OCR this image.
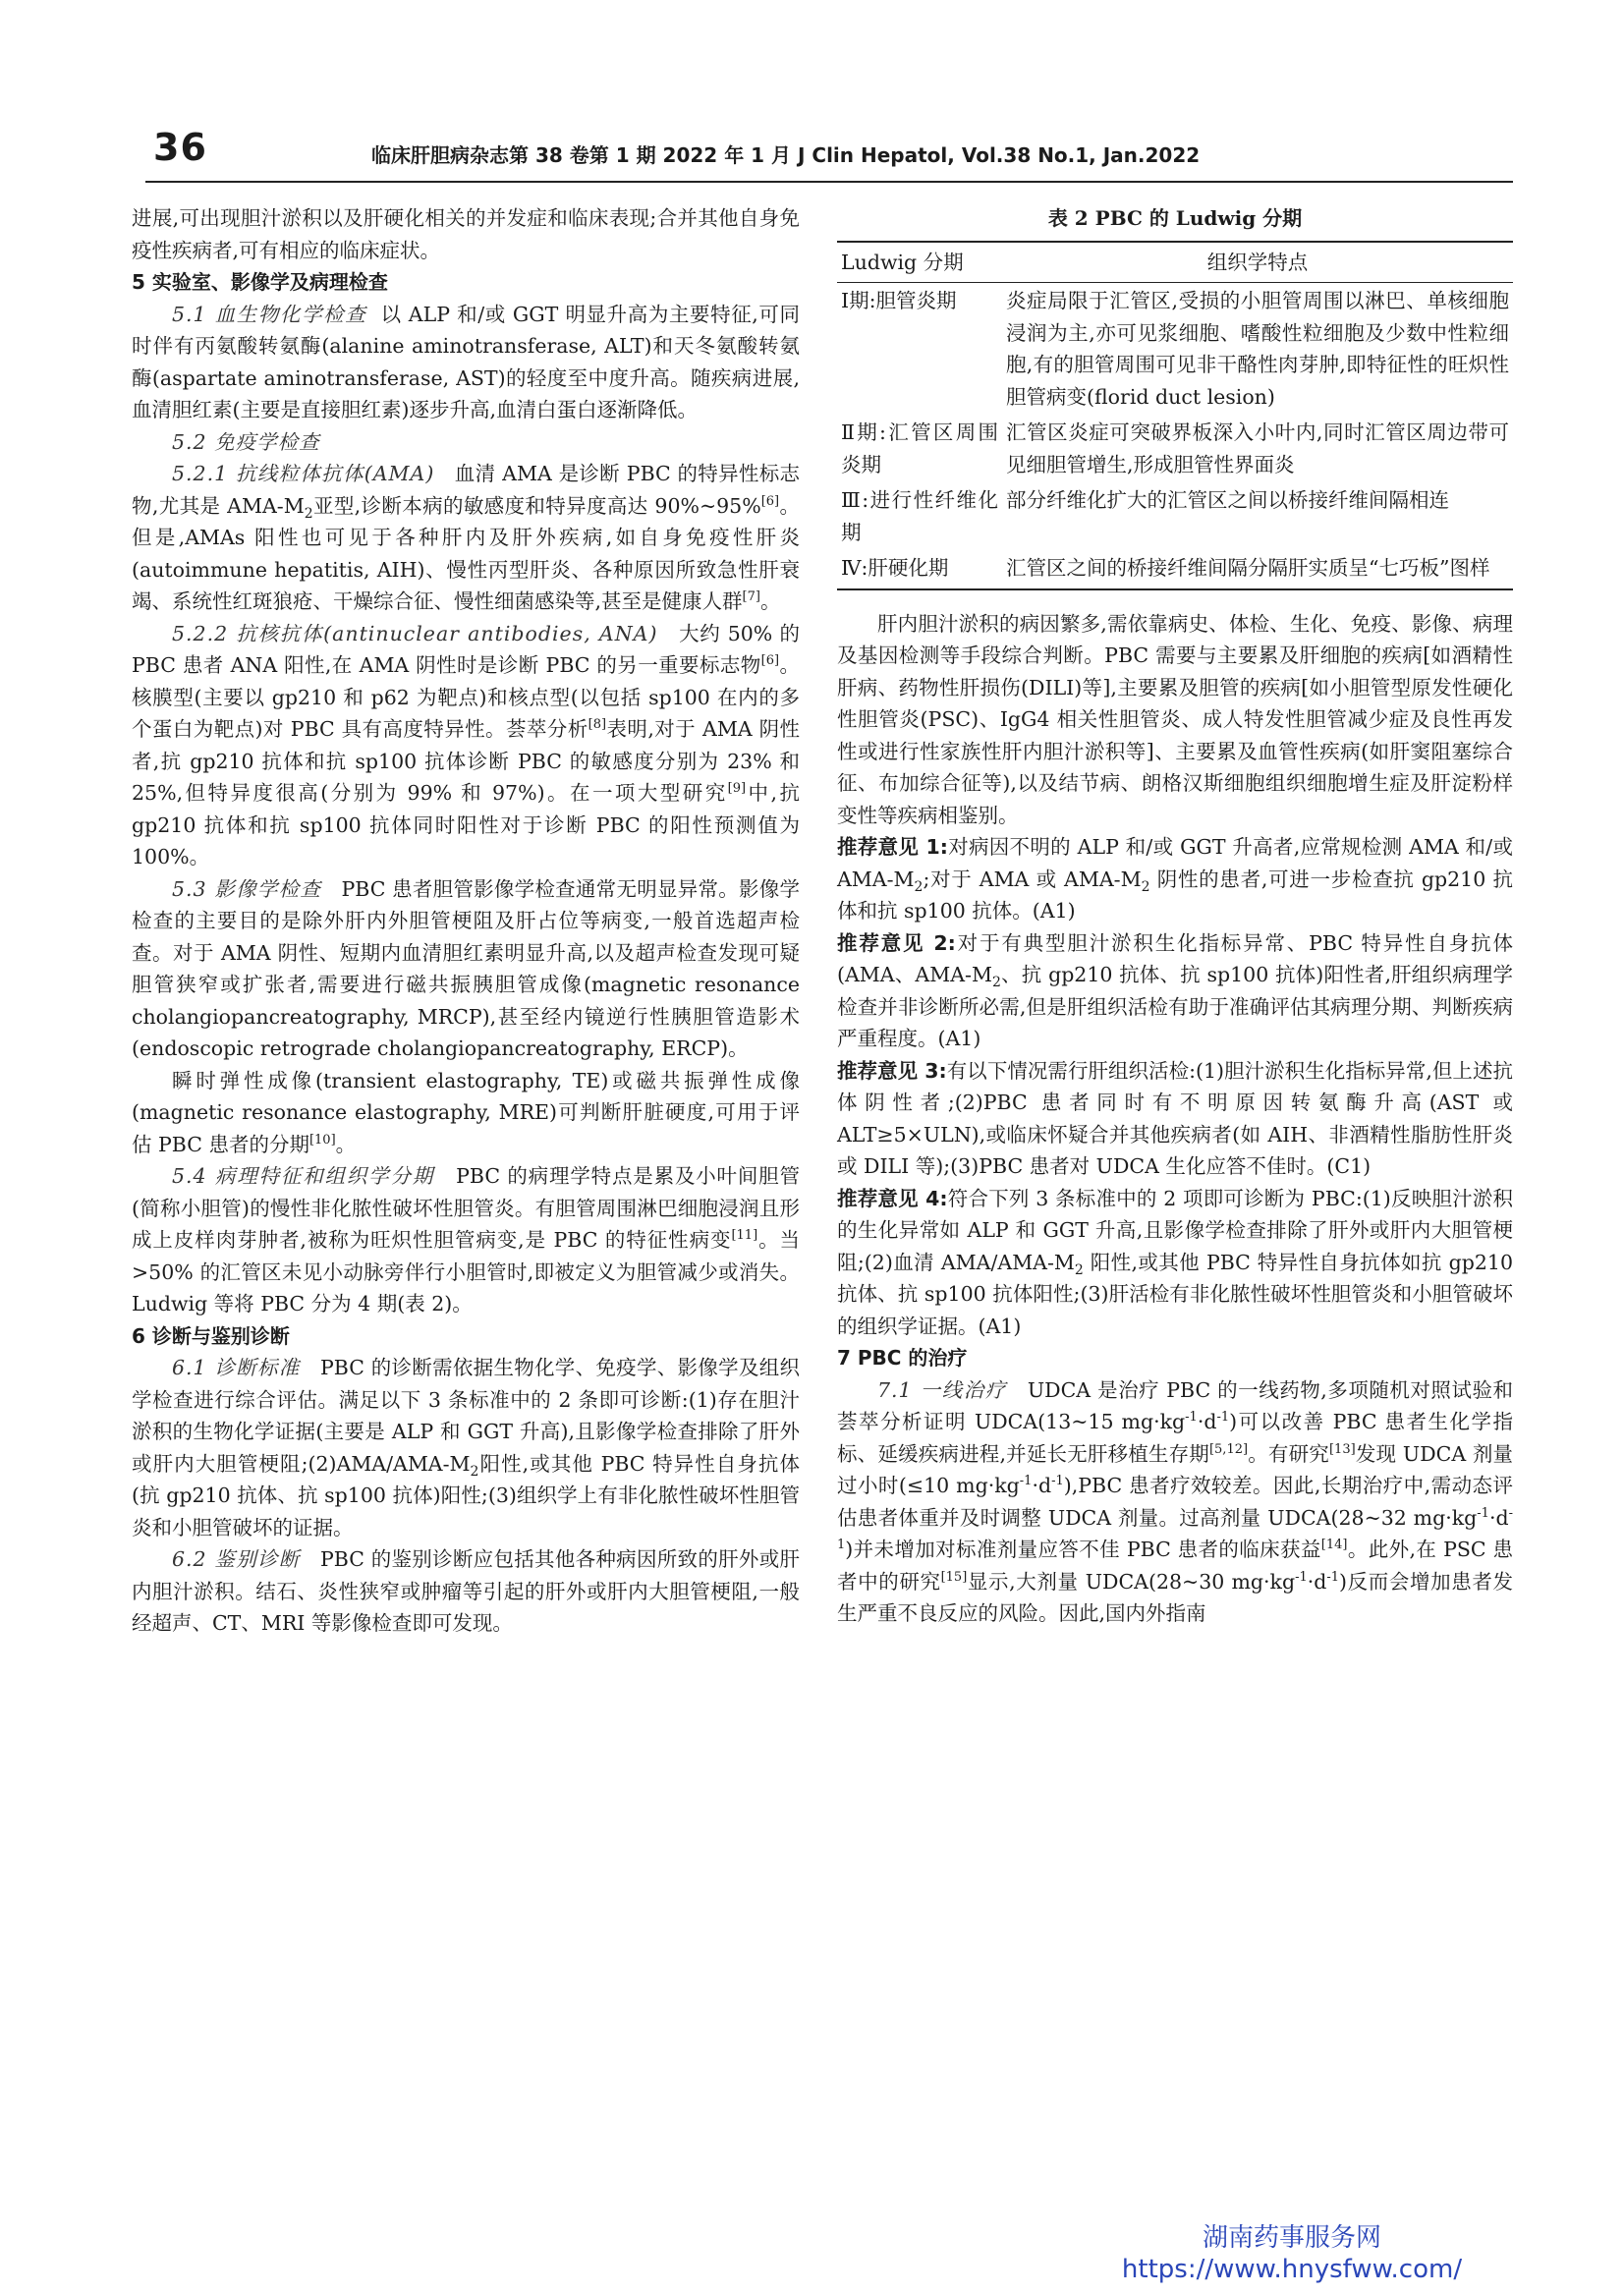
36	临床肝胆病杂志第 38 卷第 1 期 2022 年 1 月 J Clin Hepatol, Vol.38 No.1, Jan.2022

进展,可出现胆汁淤积以及肝硬化相关的并发症和临床表现;合并其他自身免疫性疾病者,可有相应的临床症状。

5 实验室、影像学及病理检查

5.1 血生物化学检查 以 ALP 和/或 GGT 明显升高为主要特征,可同时伴有丙氨酸转氨酶(alanine aminotransferase, ALT)和天冬氨酸转氨酶(aspartate aminotransferase, AST)的轻度至中度升高。随疾病进展,血清胆红素(主要是直接胆红素)逐步升高,血清白蛋白逐渐降低。

5.2 免疫学检查

5.2.1 抗线粒体抗体(AMA) 血清 AMA 是诊断 PBC 的特异性标志物,尤其是 AMA-$M_2$亚型,诊断本病的敏感度和特异度高达 90%~95%[6]。但是,AMAs 阳性也可见于各种肝内及肝外疾病,如自身免疫性肝炎(autoimmune hepatitis, AIH)、慢性丙型肝炎、各种原因所致急性肝衰竭、系统性红斑狼疮、干燥综合征、慢性细菌感染等,甚至是健康人群[7]。

5.2.2 抗核抗体(antinuclear antibodies, ANA) 大约 50% 的 PBC 患者 ANA 阳性,在 AMA 阴性时是诊断 PBC 的另一重要标志物[6]。核膜型(主要以 gp210 和 p62 为靶点)和核点型(以包括 sp100 在内的多个蛋白为靶点)对 PBC 具有高度特异性。荟萃分析[8]表明,对于 AMA 阴性者,抗 gp210 抗体和抗 sp100 抗体诊断 PBC 的敏感度分别为 23% 和 25%,但特异度很高(分别为 99% 和 97%)。在一项大型研究[9]中,抗 gp210 抗体和抗 sp100 抗体同时阳性对于诊断 PBC 的阳性预测值为 100%。

5.3 影像学检查 PBC 患者胆管影像学检查通常无明显异常。影像学检查的主要目的是除外肝内外胆管梗阻及肝占位等病变,一般首选超声检查。对于 AMA 阴性、短期内血清胆红素明显升高,以及超声检查发现可疑胆管狭窄或扩张者,需要进行磁共振胰胆管成像(magnetic resonance cholangiopancreatography, MRCP),甚至经内镜逆行性胰胆管造影术(endoscopic retrograde cholangiopancreatography, ERCP)。

瞬时弹性成像(transient elastography, TE)或磁共振弹性成像(magnetic resonance elastography, MRE)可判断肝脏硬度,可用于评估 PBC 患者的分期[10]。

5.4 病理特征和组织学分期 PBC 的病理学特点是累及小叶间胆管(简称小胆管)的慢性非化脓性破坏性胆管炎。有胆管周围淋巴细胞浸润且形成上皮样肉芽肿者,被称为旺炽性胆管病变,是 PBC 的特征性病变[11]。当>50% 的汇管区未见小动脉旁伴行小胆管时,即被定义为胆管减少或消失。Ludwig 等将 PBC 分为 4 期(表 2)。

6 诊断与鉴别诊断

6.1 诊断标准 PBC 的诊断需依据生物化学、免疫学、影像学及组织学检查进行综合评估。满足以下 3 条标准中的 2 条即可诊断:(1)存在胆汁淤积的生物化学证据(主要是 ALP 和 GGT 升高),且影像学检查排除了肝外或肝内大胆管梗阻$;(2)AMA/AMA-M_2$阳性,或其他 PBC 特异性自身抗体(抗 gp210 抗体、抗 sp100 抗体)阳性;(3)组织学上有非化脓性破坏性胆管炎和小胆管破坏的证据。

6.2 鉴别诊断 PBC 的鉴别诊断应包括其他各种病因所致的肝外或肝内胆汁淤积。结石、炎性狭窄或肿瘤等引起的肝外或肝内大胆管梗阻,一般经超声、CT、MRI 等影像检查即可发现。

表 2 PBC 的 Ludwig 分期
Ludwig 分期	组织学特点
Ⅰ期:胆管炎期	炎症局限于汇管区,受损的小胆管周围以淋巴、单核细胞浸润为主,亦可见浆细胞、嗜酸性粒细胞及少数中性粒细胞,有的胆管周围可见非干酪性肉芽肿,即特征性的旺炽性胆管病变(florid duct lesion)
Ⅱ期:汇管区周围炎期	汇管区炎症可突破界板深入小叶内,同时汇管区周边带可见细胆管增生,形成胆管性界面炎
Ⅲ:进行性纤维化期	部分纤维化扩大的汇管区之间以桥接纤维间隔相连
Ⅳ:肝硬化期	汇管区之间的桥接纤维间隔分隔肝实质呈“七巧板”图样

肝内胆汁淤积的病因繁多,需依靠病史、体检、生化、免疫、影像、病理及基因检测等手段综合判断。PBC 需要与主要累及肝细胞的疾病[如酒精性肝病、药物性肝损伤(DILI)等],主要累及胆管的疾病[如小胆管型原发性硬化性胆管炎(PSC)、IgG4 相关性胆管炎、成人特发性胆管减少症及良性再发性或进行性家族性肝内胆汁淤积等]、主要累及血管性疾病(如肝窦阻塞综合征、布加综合征等),以及结节病、朗格汉斯细胞组织细胞增生症及肝淀粉样变性等疾病相鉴别。

推荐意见 1:对病因不明的 ALP 和/或 GGT 升高者,应常规检测 AMA 和/或 AMA-$M_2$;对于 AMA 或 AMA-$M_2$ 阴性的患者,可进一步检查抗 gp210 抗体和抗 sp100 抗体。(A1)

推荐意见 2:对于有典型胆汁淤积生化指标异常、PBC 特异性自身抗体(AMA、AMA-$M_2$、抗 gp210 抗体、抗 sp100 抗体)阳性者,肝组织病理学检查并非诊断所必需,但是肝组织活检有助于准确评估其病理分期、判断疾病严重程度。(A1)

推荐意见 3:有以下情况需行肝组织活检:(1)胆汁淤积生化指标异常,但上述抗体阴性者;(2)PBC 患者同时有不明原因转氨酶升高(AST 或 ALT≥5×ULN),或临床怀疑合并其他疾病者(如 AIH、非酒精性脂肪性肝炎或 DILI 等);(3)PBC 患者对 UDCA 生化应答不佳时。(C1)

推荐意见 4:符合下列 3 条标准中的 2 项即可诊断为 PBC:(1)反映胆汁淤积的生化异常如 ALP 和 GGT 升高,且影像学检查排除了肝外或肝内大胆管梗阻;(2)血清 AMA/$AMA-M_2$ 阳性,或其他 PBC 特异性自身抗体如抗 gp210 抗体、抗 sp100 抗体阳性;(3)肝活检有非化脓性破坏性胆管炎和小胆管破坏的组织学证据。(A1)

7 PBC 的治疗

7.1 一线治疗 UDCA 是治疗 PBC 的一线药物,多项随机对照试验和荟萃分析证明 UDCA(13~15 mg·kg$^{-1}$·d$^{-1}$)可以改善 PBC 患者生化学指标、延缓疾病进程,并延长无肝移植生存期[5,12]。有研究[13]发现 UDCA 剂量过小时(≤10 mg·kg$^{-1}$·d$^{-1}$),PBC 患者疗效较差。因此,长期治疗中,需动态评估患者体重并及时调整 UDCA 剂量。过高剂量 UDCA(28~32 mg·kg$^{-1}$·d$^{-1}$)并未增加对标准剂量应答不佳 PBC 患者的临床获益[14]。此外,在 PSC 患者中的研究[15]显示,大剂量 UDCA(28~30 mg·kg$^{-1}$·d$^{-1}$)反而会增加患者发生严重不良反应的风险。因此,国内外指南

湖南药事服务网
https://www.hnysfww.com/
